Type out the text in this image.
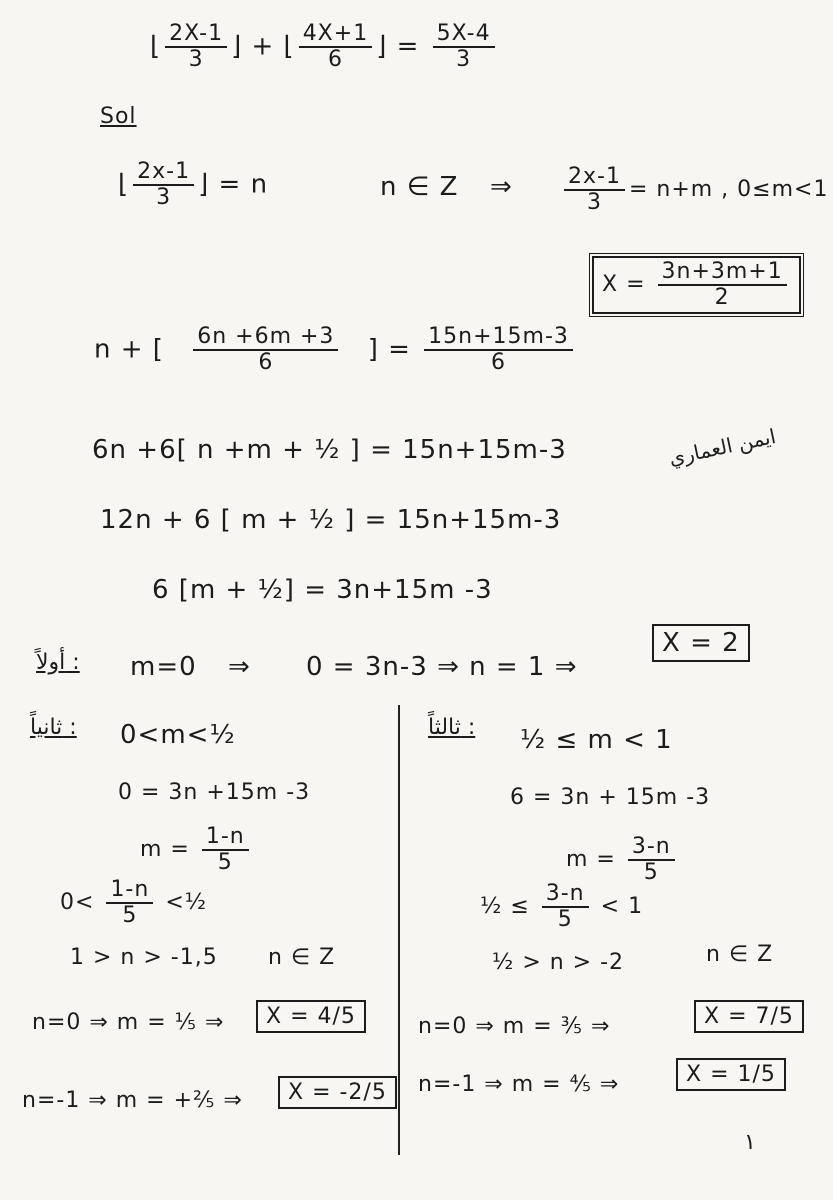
⌊ $\frac{2X-1}{3}$ ⌋ + ⌊ $\frac{4X+1}{6}$ ⌋ = $\frac{5X-4}{3}$
Sol
⌊ $\frac{2x-1}{3}$ ⌋ = n	n ∈ Z ⇒ $\frac{2x-1}{3} = n+m$ , 0≤m<1
$X = \frac{3n+3m+1}{2}$
n + [ $\frac{6n +6m +3}{6}$ ] = $\frac{15n+15m-3}{6}$
6n +6[ n +m + ½ ] = 15n+15m-3	ايمن العماري
12n + 6 [ m + ½ ] = 15n+15m-3
6 [m + ½] = 3n+15m -3
أولاً : m=0 ⇒ 0 = 3n-3 ⇒ n = 1 ⇒
X = 2
ثانياً : 0<m<½
0 = 3n +15m -3
$m = \frac{1-n}{5}$
$0< \frac{1-n}{5}$ <½
1 > n > -1,5 n ∈ Z
n=0 ⇒ m = ⅕ ⇒	X = 4/5
n=-1 ⇒ m = +⅖ ⇒	X = -2/5
ثالثاً : ½ ≤ m < 1
6 = 3n + 15m -3
$m = \frac{3-n}{5}$
½ ≤ $\frac{3-n}{5} < 1$
½ > n > -2	n ∈ Z
n=0 ⇒ m = ⅗ ⇒	X = 7/5
n=-1 ⇒ m = ⅘ ⇒	X = 1/5
١
